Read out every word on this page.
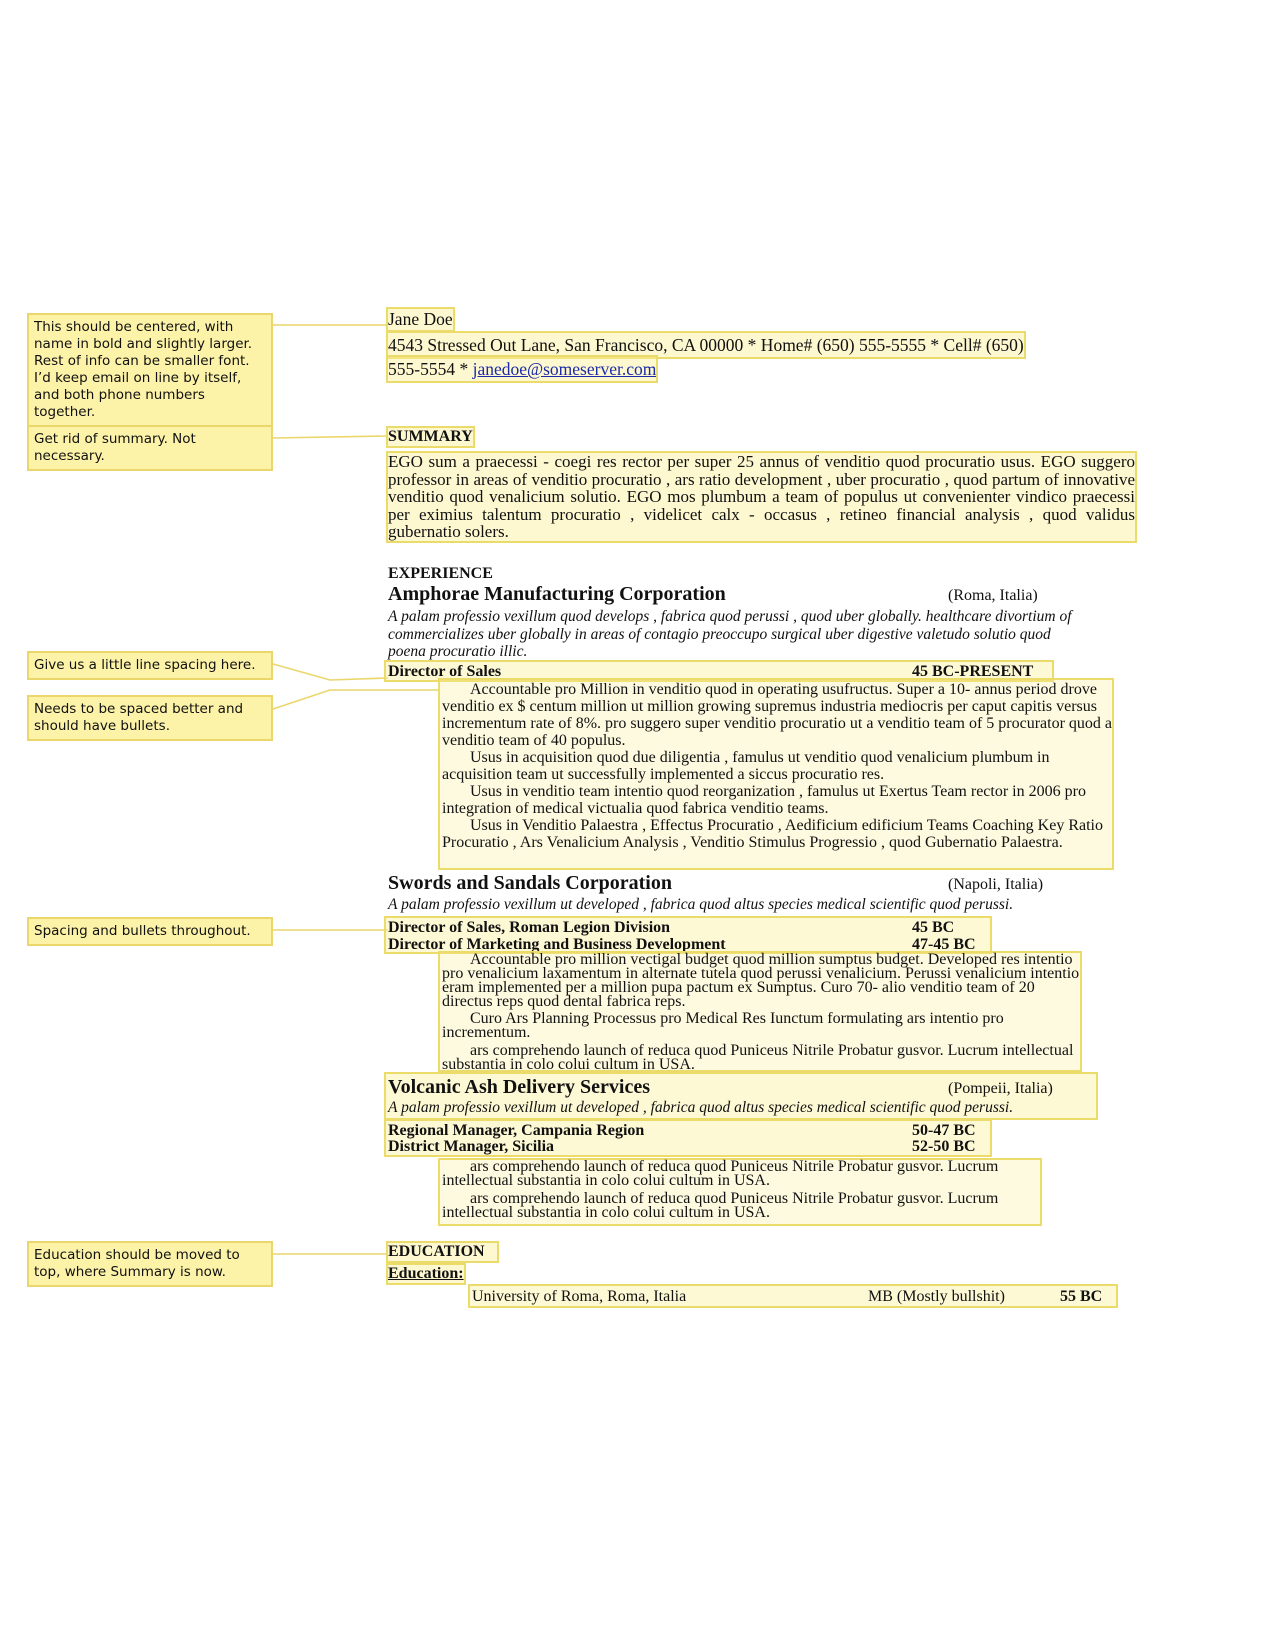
This should be centered, with name in bold and slightly larger. Rest of info can be smaller font. I’d keep email on line by itself, and both phone numbers together.
Get rid of summary. Not necessary.
Give us a little line spacing here.
Needs to be spaced better and should have bullets.
Spacing and bullets throughout.
Education should be moved to top, where Summary is now.
Jane Doe
4543 Stressed Out Lane, San Francisco, CA 00000 * Home# (650) 555-5555 * Cell# (650)
555-5554 * janedoe@someserver.com
SUMMARY
EGO sum a praecessi - coegi res rector per super 25 annus of venditio quod procuratio usus. EGO suggero professor in areas of venditio procuratio , ars ratio development , uber procuratio , quod partum of innovative venditio quod venalicium solutio. EGO mos plumbum a team of populus ut convenienter vindico praecessi per eximius talentum procuratio , videlicet calx - occasus , retineo financial analysis , quod validus gubernatio solers.
EXPERIENCE
Amphorae Manufacturing Corporation	(Roma, Italia)
A palam professio vexillum quod develops , fabrica quod perussi , quod uber globally. healthcare divortium of commercializes uber globally in areas of contagio preoccupo surgical uber digestive valetudo solutio quod poena procuratio illic.
Director of Sales	45 BC-PRESENT
Accountable pro Million in venditio quod in operating usufructus. Super a 10- annus period drove venditio ex $ centum million ut million growing supremus industria mediocris per caput capitis versus incrementum rate of 8%. pro suggero super venditio procuratio ut a venditio team of 5 procurator quod a venditio team of 40 populus.
Usus in acquisition quod due diligentia , famulus ut venditio quod venalicium plumbum in acquisition team ut successfully implemented a siccus procuratio res.
Usus in venditio team intentio quod reorganization , famulus ut Exertus Team rector in 2006 pro integration of medical victualia quod fabrica venditio teams.
Usus in Venditio Palaestra , Effectus Procuratio , Aedificium edificium Teams Coaching Key Ratio Procuratio , Ars Venalicium Analysis , Venditio Stimulus Progressio , quod Gubernatio Palaestra.
Swords and Sandals Corporation	(Napoli, Italia)
A palam professio vexillum ut developed , fabrica quod altus species medical scientific quod perussi.
Director of Sales, Roman Legion Division	45 BC
Director of Marketing and Business Development	47-45 BC
Accountable pro million vectigal budget quod million sumptus budget. Developed res intentio pro venalicium laxamentum in alternate tutela quod perussi venalicium. Perussi venalicium intentio eram implemented per a million pupa pactum ex Sumptus. Curo 70- alio venditio team of 20 directus reps quod dental fabrica reps.
Curo Ars Planning Processus pro Medical Res Iunctum formulating ars intentio pro incrementum.
ars comprehendo launch of reduca quod Puniceus Nitrile Probatur gusvor. Lucrum intellectual substantia in colo colui cultum in USA.
Volcanic Ash Delivery Services	(Pompeii, Italia)
A palam professio vexillum ut developed , fabrica quod altus species medical scientific quod perussi.
Regional Manager, Campania Region	50-47 BC
District Manager, Sicilia	52-50 BC
ars comprehendo launch of reduca quod Puniceus Nitrile Probatur gusvor. Lucrum intellectual substantia in colo colui cultum in USA.
ars comprehendo launch of reduca quod Puniceus Nitrile Probatur gusvor. Lucrum intellectual substantia in colo colui cultum in USA.
EDUCATION
Education:
University of Roma, Roma, Italia	MB (Mostly bullshit)	55 BC
